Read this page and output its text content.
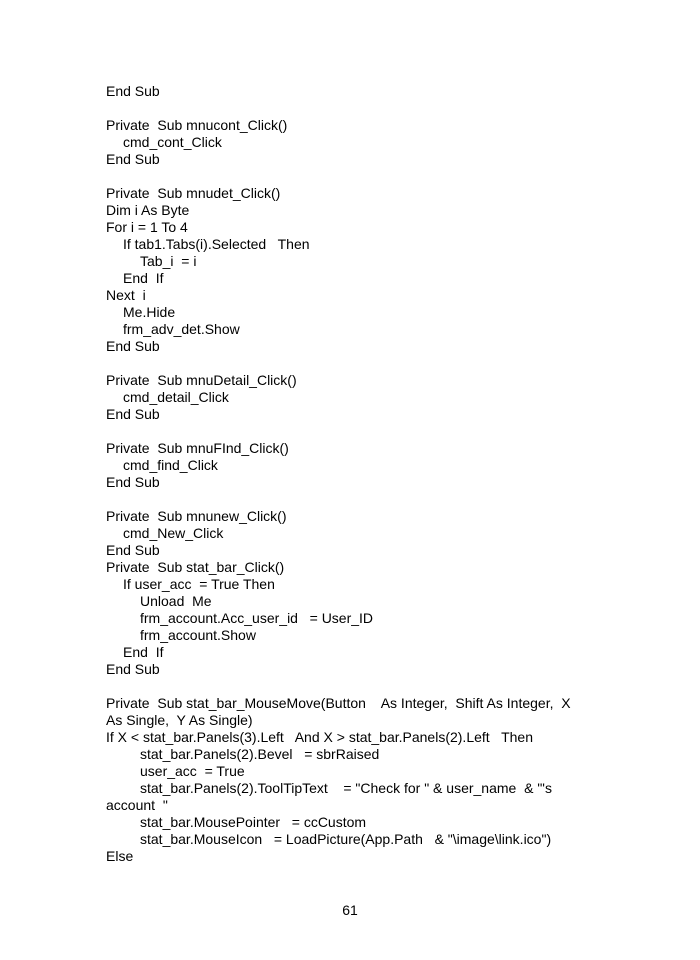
End Sub
Private  Sub mnucont_Click()
cmd_cont_Click
End Sub
Private  Sub mnudet_Click()
Dim i As Byte
For i = 1 To 4
If tab1.Tabs(i).Selected   Then
Tab_i  = i
End  If
Next  i
Me.Hide
frm_adv_det.Show
End Sub
Private  Sub mnuDetail_Click()
cmd_detail_Click
End Sub
Private  Sub mnuFInd_Click()
cmd_find_Click
End Sub
Private  Sub mnunew_Click()
cmd_New_Click
End Sub
Private  Sub stat_bar_Click()
If user_acc  = True Then
Unload  Me
frm_account.Acc_user_id   = User_ID
frm_account.Show
End  If
End Sub
Private  Sub stat_bar_MouseMove(Button    As Integer,  Shift As Integer,  X
As Single,  Y As Single)
If X < stat_bar.Panels(3).Left   And X > stat_bar.Panels(2).Left   Then
stat_bar.Panels(2).Bevel   = sbrRaised
user_acc  = True
stat_bar.Panels(2).ToolTipText    = "Check for " & user_name  & "'s
account  "
stat_bar.MousePointer   = ccCustom
stat_bar.MouseIcon   = LoadPicture(App.Path   & "\image\link.ico")
Else
61
